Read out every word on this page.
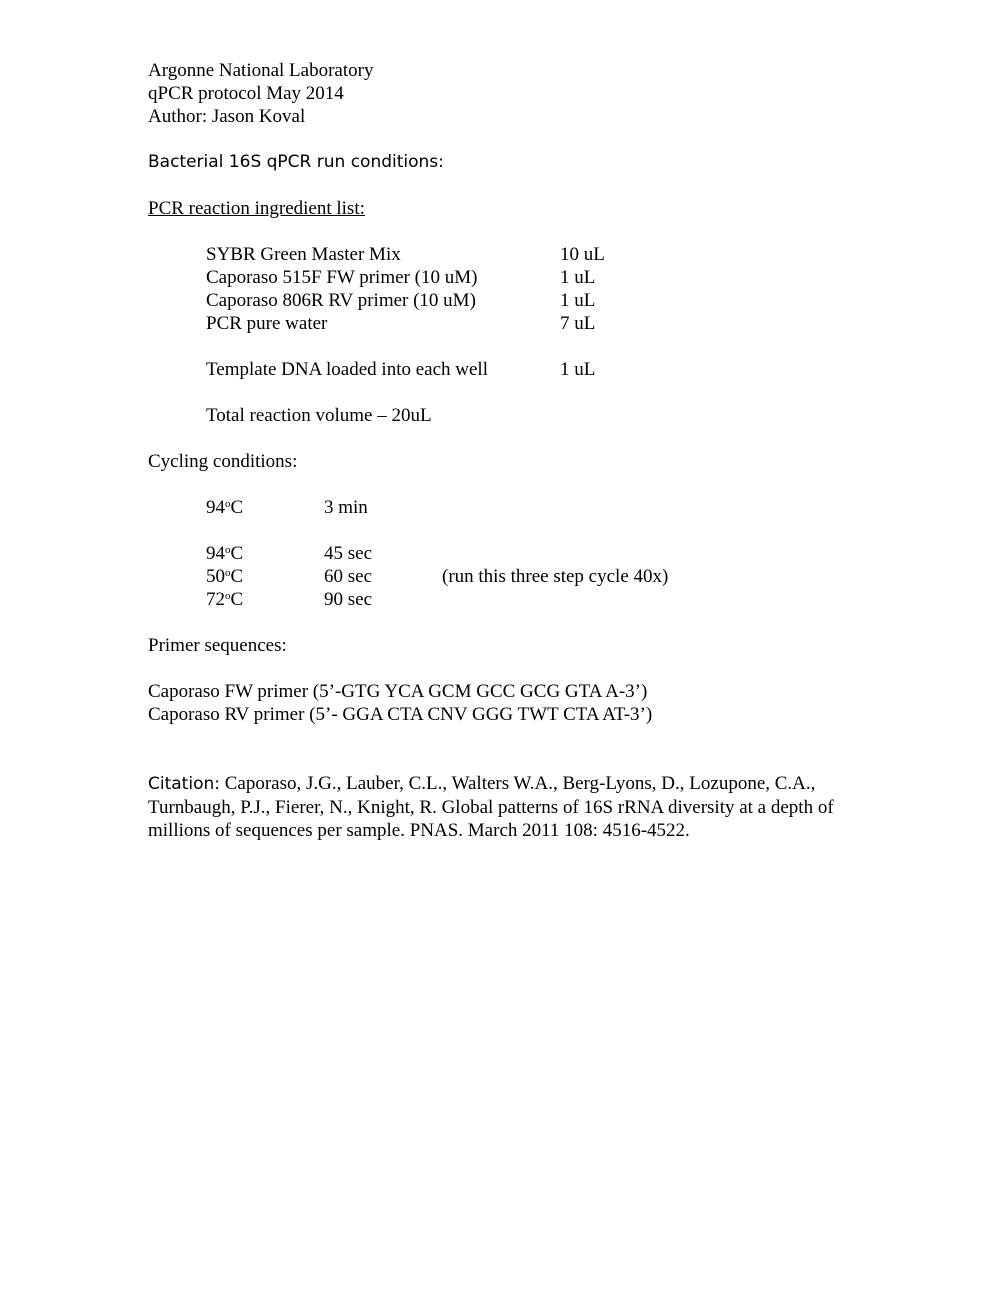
Argonne National Laboratory
qPCR protocol May 2014
Author: Jason Koval
Bacterial 16S qPCR run conditions:
PCR reaction ingredient list:
SYBR Green Master Mix	10 uL
Caporaso 515F FW primer (10 uM)	1 uL
Caporaso 806R RV primer (10 uM)	1 uL
PCR pure water	7 uL
Template DNA loaded into each well	1 uL
Total reaction volume – 20uL
Cycling conditions:
94$^o$C	3 min
94$^o$C	45 sec
50$^o$C	60 sec	(run this three step cycle 40x)
72$^o$C	90 sec
Primer sequences:
Caporaso FW primer (5’-GTG YCA GCM GCC GCG GTA A-3’)
Caporaso RV primer (5’- GGA CTA CNV GGG TWT CTA AT-3’)
Citation: Caporaso, J.G., Lauber, C.L., Walters W.A., Berg-Lyons, D., Lozupone, C.A., Turnbaugh, P.J., Fierer, N., Knight, R. Global patterns of 16S rRNA diversity at a depth of millions of sequences per sample. PNAS. March 2011 108: 4516-4522.
